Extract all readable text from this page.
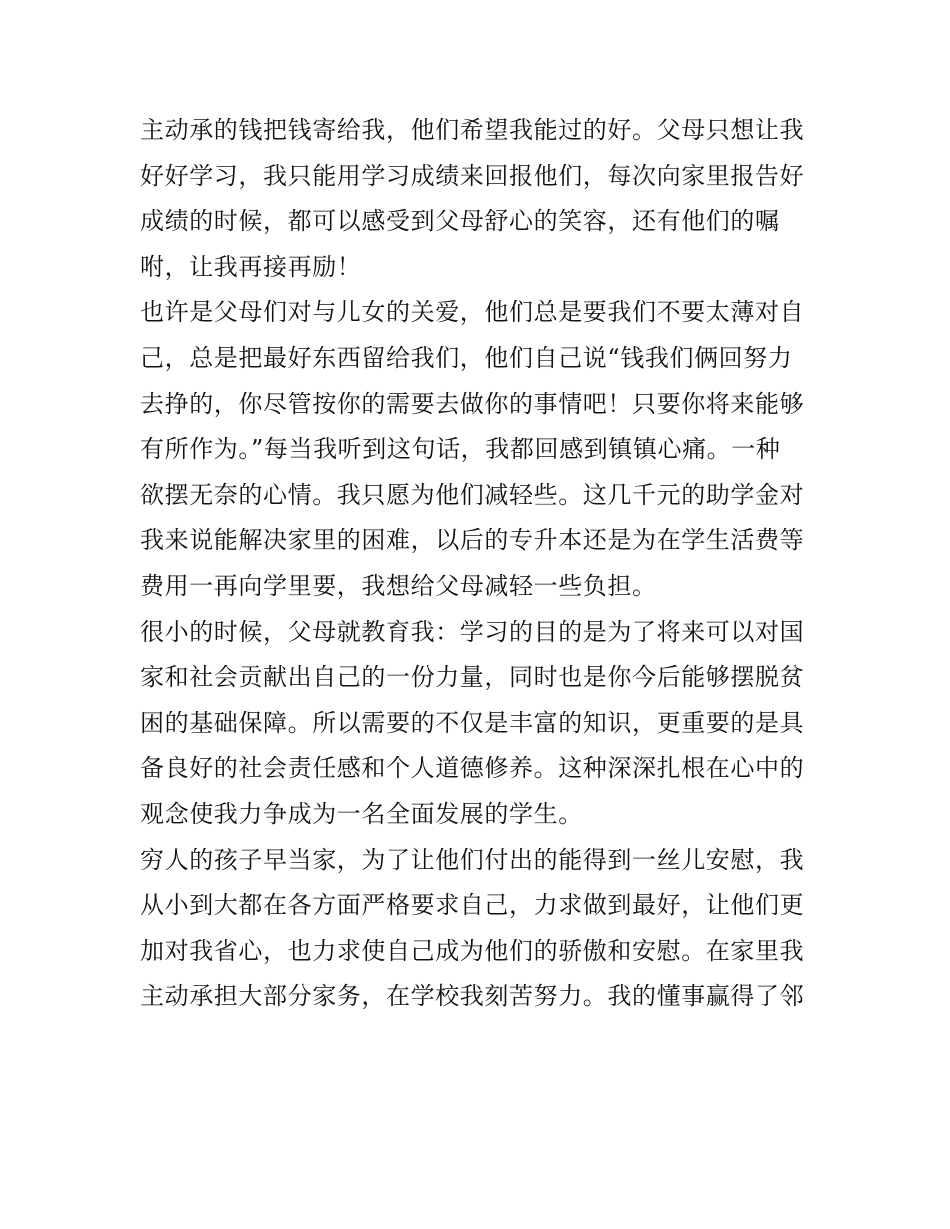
主动承的钱把钱寄给我，他们希望我能过的好。父母只想让我
好好学习，我只能用学习成绩来回报他们，每次向家里报告好
成绩的时候，都可以感受到父母舒心的笑容，还有他们的嘱
咐，让我再接再励！
也许是父母们对与儿女的关爱，他们总是要我们不要太薄对自
己，总是把最好东西留给我们，他们自己说“钱我们俩回努力
去挣的，你尽管按你的需要去做你的事情吧！只要你将来能够
有所作为。”每当我听到这句话，我都回感到镇镇心痛。一种
欲摆无奈的心情。我只愿为他们减轻些。这几千元的助学金对
我来说能解决家里的困难，以后的专升本还是为在学生活费等
费用一再向学里要，我想给父母减轻一些负担。
很小的时候，父母就教育我：学习的目的是为了将来可以对国
家和社会贡献出自己的一份力量，同时也是你今后能够摆脱贫
困的基础保障。所以需要的不仅是丰富的知识，更重要的是具
备良好的社会责任感和个人道德修养。这种深深扎根在心中的
观念使我力争成为一名全面发展的学生。
穷人的孩子早当家，为了让他们付出的能得到一丝儿安慰，我
从小到大都在各方面严格要求自己，力求做到最好，让他们更
加对我省心，也力求使自己成为他们的骄傲和安慰。在家里我
主动承担大部分家务，在学校我刻苦努力。我的懂事赢得了邻
